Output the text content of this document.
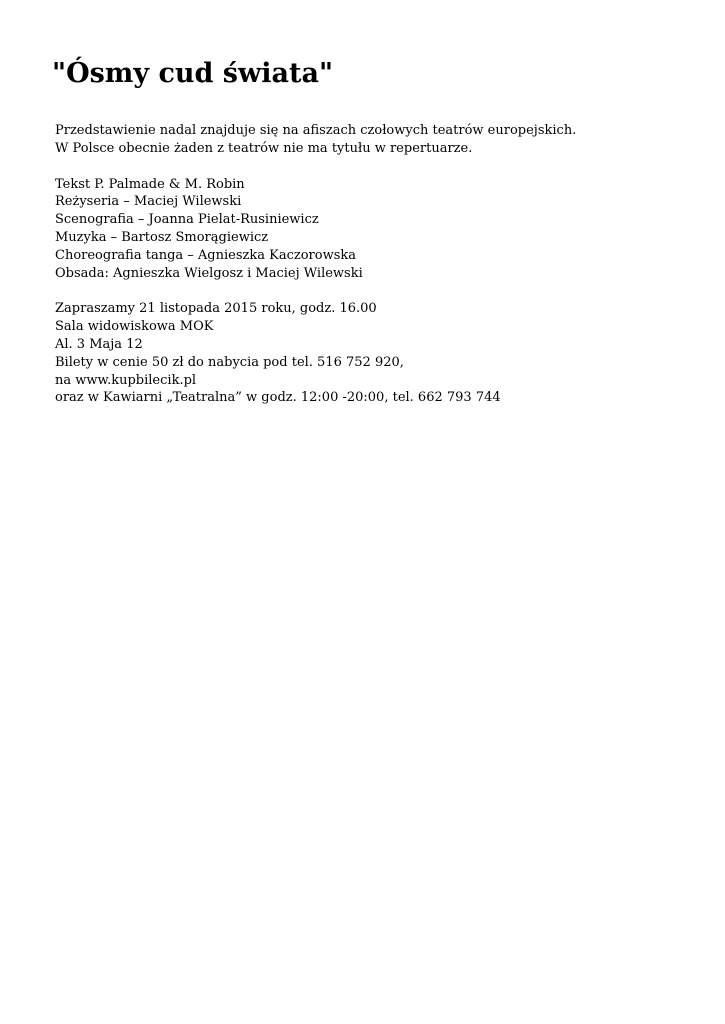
"Ósmy cud świata"

Przedstawienie nadal znajduje się na afiszach czołowych teatrów europejskich.
W Polsce obecnie żaden z teatrów nie ma tytułu w repertuarze.

Tekst P. Palmade & M. Robin
Reżyseria – Maciej Wilewski
Scenografia – Joanna Pielat-Rusiniewicz
Muzyka – Bartosz Smorągiewicz
Choreografia tanga – Agnieszka Kaczorowska
Obsada: Agnieszka Wielgosz i Maciej Wilewski

Zapraszamy 21 listopada 2015 roku, godz. 16.00
Sala widowiskowa MOK
Al. 3 Maja 12
Bilety w cenie 50 zł do nabycia pod tel. 516 752 920,
na www.kupbilecik.pl
oraz w Kawiarni „Teatralna” w godz. 12:00 -20:00, tel. 662 793 744
